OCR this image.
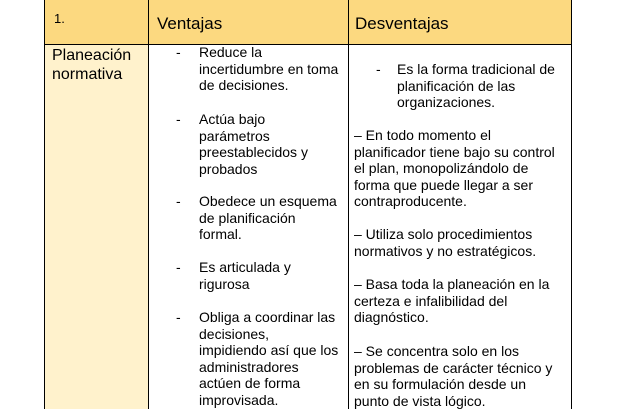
1.	Ventajas	Desventajas
Planeación
normativa
- Reduce la
incertidumbre en toma
de decisiones.
- Actúa bajo
parámetros
preestablecidos y
probados
- Obedece un esquema
de planificación
formal.
- Es articulada y
rigurosa
- Obliga a coordinar las
decisiones,
impidiendo así que los
administradores
actúen de forma
improvisada.
- Es la forma tradicional de
planificación de las
organizaciones.
– En todo momento el
planificador tiene bajo su control
el plan, monopolizándolo de
forma que puede llegar a ser
contraproducente.
– Utiliza solo procedimientos
normativos y no estratégicos.
– Basa toda la planeación en la
certeza e infalibilidad del
diagnóstico.
– Se concentra solo en los
problemas de carácter técnico y
en su formulación desde un
punto de vista lógico.
